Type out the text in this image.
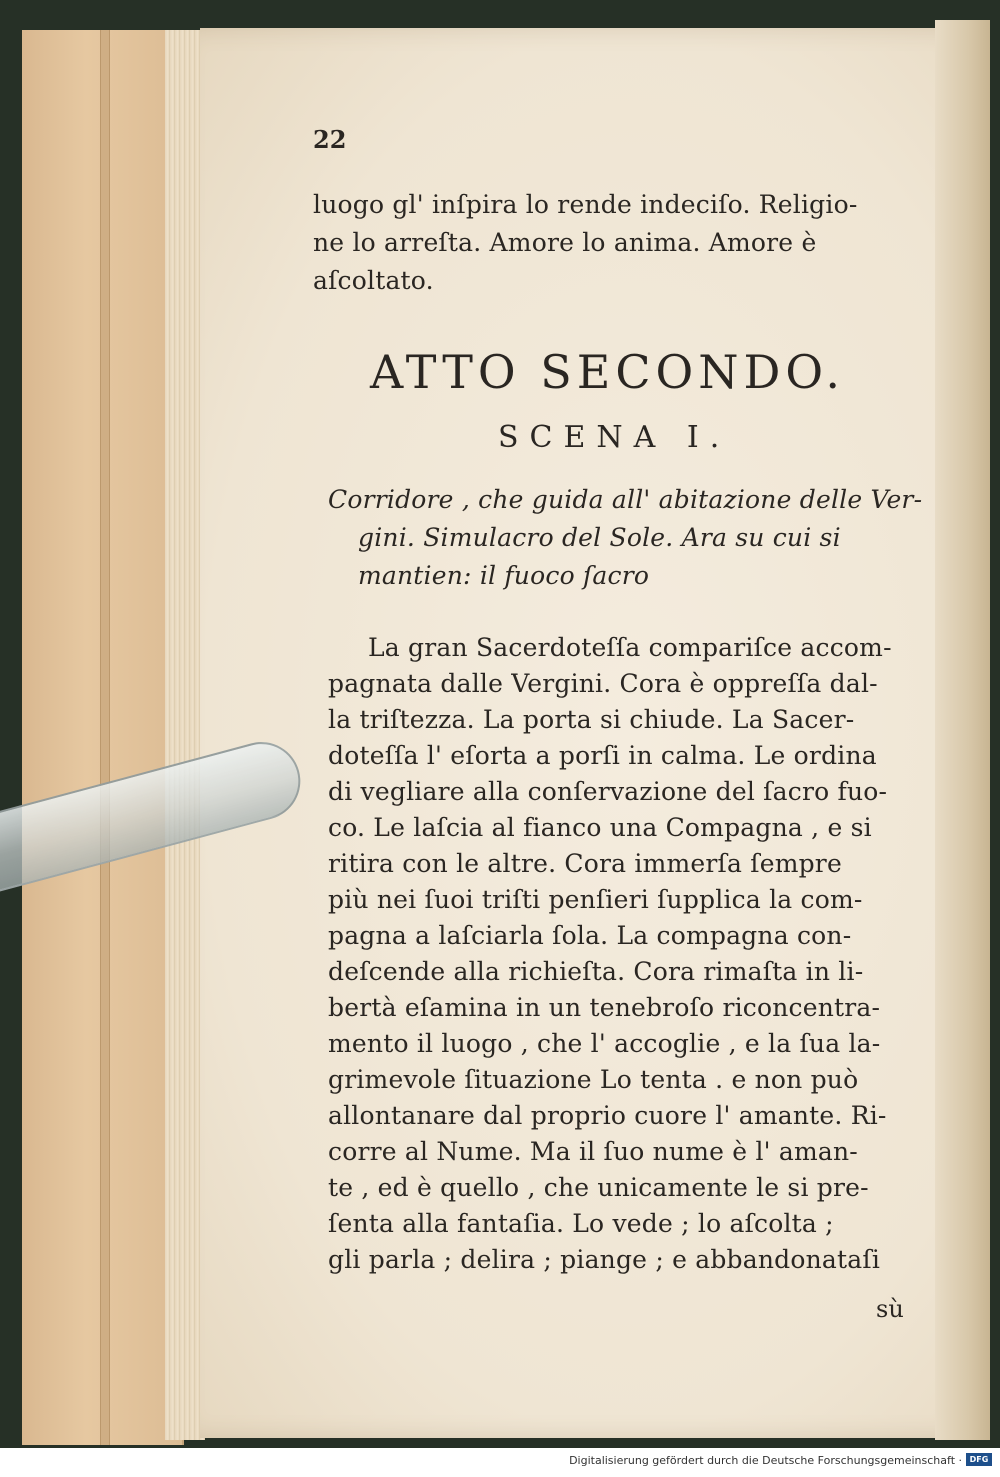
22
luogo gl' inſpira lo rende indeciſo. Religio-
ne lo arreſta. Amore lo anima. Amore è
aſcoltato.
ATTO SECONDO.
SCENA I.
Corridore , che guida all' abitazione delle Ver-
gini. Simulacro del Sole. Ara su cui si
mantien: il fuoco ſacro
La gran Sacerdoteſſa compariſce accom-
pagnata dalle Vergini. Cora è oppreſſa dal-
la triſtezza. La porta si chiude. La Sacer-
doteſſa l' eſorta a porſi in calma. Le ordina
di vegliare alla conſervazione del ſacro fuo-
co. Le laſcia al fianco una Compagna , e si
ritira con le altre. Cora immerſa ſempre
più nei ſuoi triſti penſieri ſupplica la com-
pagna a laſciarla ſola. La compagna con-
deſcende alla richieſta. Cora rimaſta in li-
bertà eſamina in un tenebroſo riconcentra-
mento il luogo , che l' accoglie , e la ſua la-
grimevole ſituazione Lo tenta . e non può
allontanare dal proprio cuore l' amante. Ri-
corre al Nume. Ma il ſuo nume è l' aman-
te , ed è quello , che unicamente le si pre-
ſenta alla fantaſia. Lo vede ; lo aſcolta ;
gli parla ; delira ; piange ; e abbandonataſi
sù
Digitalisierung gefördert durch die Deutsche Forschungsgemeinschaft · DFG
